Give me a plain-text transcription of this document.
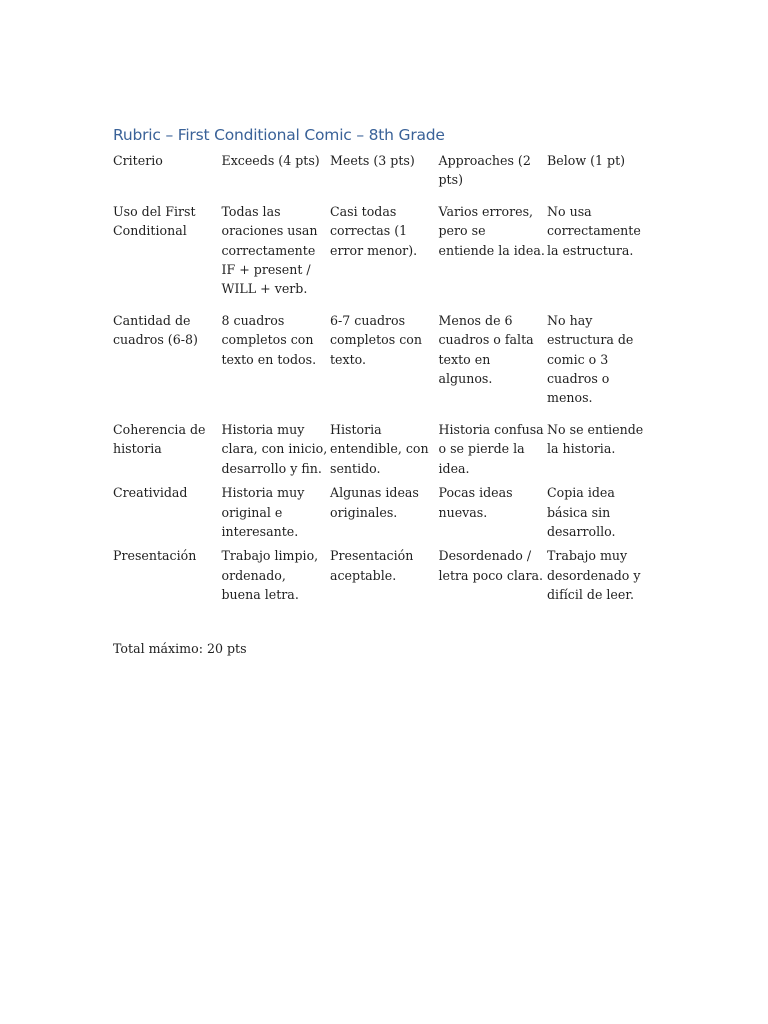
Rubric – First Conditional Comic – 8th Grade
Criterio	Exceeds (4 pts)	Meets (3 pts)	Approaches (2 pts)	Below (1 pt)
Uso del First Conditional	Todas las oraciones usan correctamente IF + present / WILL + verb.	Casi todas correctas (1 error menor).	Varios errores, pero se entiende la idea.	No usa correctamente la estructura.
Cantidad de cuadros (6-8)	8 cuadros completos con texto en todos.	6-7 cuadros completos con texto.	Menos de 6 cuadros o falta texto en algunos.	No hay estructura de comic o 3 cuadros o menos.
Coherencia de historia	Historia muy clara, con inicio, desarrollo y fin.	Historia entendible, con sentido.	Historia confusa o se pierde la idea.	No se entiende la historia.
Creatividad	Historia muy original e interesante.	Algunas ideas originales.	Pocas ideas nuevas.	Copia idea básica sin desarrollo.
Presentación	Trabajo limpio, ordenado, buena letra.	Presentación aceptable.	Desordenado / letra poco clara.	Trabajo muy desordenado y difícil de leer.
Total máximo: 20 pts
